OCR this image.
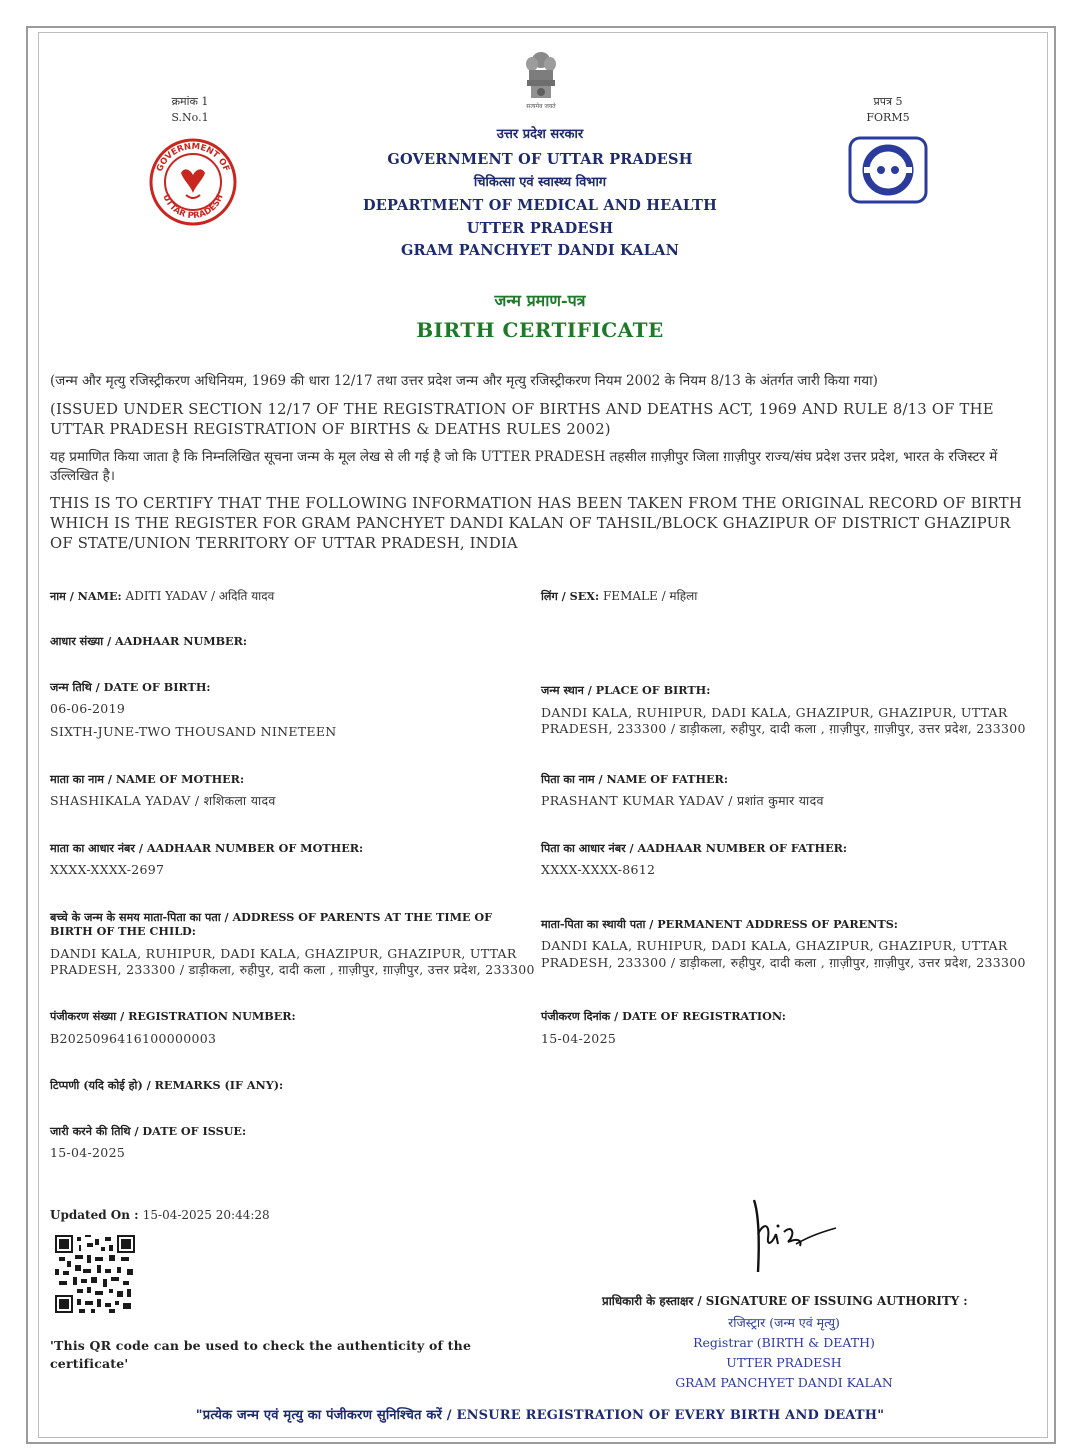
क्रमांक 1
S.No.1
प्रपत्र 5
FORM5
सत्यमेव जयते
GOVERNMENT OF
UTTAR PRADESH
उत्तर प्रदेश सरकार
GOVERNMENT OF UTTAR PRADESH
चिकित्सा एवं स्वास्थ्य विभाग
DEPARTMENT OF MEDICAL AND HEALTH
UTTER PRADESH
GRAM PANCHYET DANDI KALAN
जन्म प्रमाण-पत्र
BIRTH CERTIFICATE
(जन्म और मृत्यु रजिस्ट्रीकरण अधिनियम, 1969 की धारा 12/17 तथा उत्तर प्रदेश जन्म और मृत्यु रजिस्ट्रीकरण नियम 2002 के नियम 8/13 के अंतर्गत जारी किया गया)
(ISSUED UNDER SECTION 12/17 OF THE REGISTRATION OF BIRTHS AND DEATHS ACT, 1969 AND RULE 8/13 OF THE UTTAR PRADESH REGISTRATION OF BIRTHS & DEATHS RULES 2002)
यह प्रमाणित किया जाता है कि निम्नलिखित सूचना जन्म के मूल लेख से ली गई है जो कि UTTER PRADESH तहसील ग़ाज़ीपुर जिला ग़ाज़ीपुर राज्य/संघ प्रदेश उत्तर प्रदेश, भारत के रजिस्टर में उल्लिखित है।
THIS IS TO CERTIFY THAT THE FOLLOWING INFORMATION HAS BEEN TAKEN FROM THE ORIGINAL RECORD OF BIRTH WHICH IS THE REGISTER FOR GRAM PANCHYET DANDI KALAN OF TAHSIL/BLOCK GHAZIPUR OF DISTRICT GHAZIPUR OF STATE/UNION TERRITORY OF UTTAR PRADESH, INDIA
नाम / NAME: ADITI YADAV / अदिति यादव	लिंग / SEX: FEMALE / महिला
आधार संख्या / AADHAAR NUMBER:
जन्म तिथि / DATE OF BIRTH:
06-06-2019
SIXTH-JUNE-TWO THOUSAND NINETEEN
जन्म स्थान / PLACE OF BIRTH:
DANDI KALA, RUHIPUR, DADI KALA, GHAZIPUR, GHAZIPUR, UTTAR
PRADESH, 233300 / डाड़ीकला, रुहीपुर, दादी कला , ग़ाज़ीपुर, ग़ाज़ीपुर, उत्तर प्रदेश, 233300
माता का नाम / NAME OF MOTHER:
SHASHIKALA YADAV / शशिकला यादव
पिता का नाम / NAME OF FATHER:
PRASHANT KUMAR YADAV / प्रशांत कुमार यादव
माता का आधार नंबर / AADHAAR NUMBER OF MOTHER:
XXXX-XXXX-2697
पिता का आधार नंबर / AADHAAR NUMBER OF FATHER:
XXXX-XXXX-8612
बच्चे के जन्म के समय माता-पिता का पता / ADDRESS OF PARENTS AT THE TIME OF
BIRTH OF THE CHILD:
DANDI KALA, RUHIPUR, DADI KALA, GHAZIPUR, GHAZIPUR, UTTAR
PRADESH, 233300 / डाड़ीकला, रुहीपुर, दादी कला , ग़ाज़ीपुर, ग़ाज़ीपुर, उत्तर प्रदेश, 233300
माता-पिता का स्थायी पता / PERMANENT ADDRESS OF PARENTS:
DANDI KALA, RUHIPUR, DADI KALA, GHAZIPUR, GHAZIPUR, UTTAR
PRADESH, 233300 / डाड़ीकला, रुहीपुर, दादी कला , ग़ाज़ीपुर, ग़ाज़ीपुर, उत्तर प्रदेश, 233300
पंजीकरण संख्या / REGISTRATION NUMBER:
B2025096416100000003
पंजीकरण दिनांक / DATE OF REGISTRATION:
15-04-2025
टिप्पणी (यदि कोई हो) / REMARKS (IF ANY):
जारी करने की तिथि / DATE OF ISSUE:
15-04-2025
Updated On : 15-04-2025 20:44:28
'This QR code can be used to check the authenticity of the
certificate'
प्राधिकारी के हस्ताक्षर / SIGNATURE OF ISSUING AUTHORITY :
रजिस्ट्रार (जन्म एवं मृत्यु)
Registrar (BIRTH & DEATH)
UTTER PRADESH
GRAM PANCHYET DANDI KALAN
"प्रत्येक जन्म एवं मृत्यु का पंजीकरण सुनिश्चित करें / ENSURE REGISTRATION OF EVERY BIRTH AND DEATH"
